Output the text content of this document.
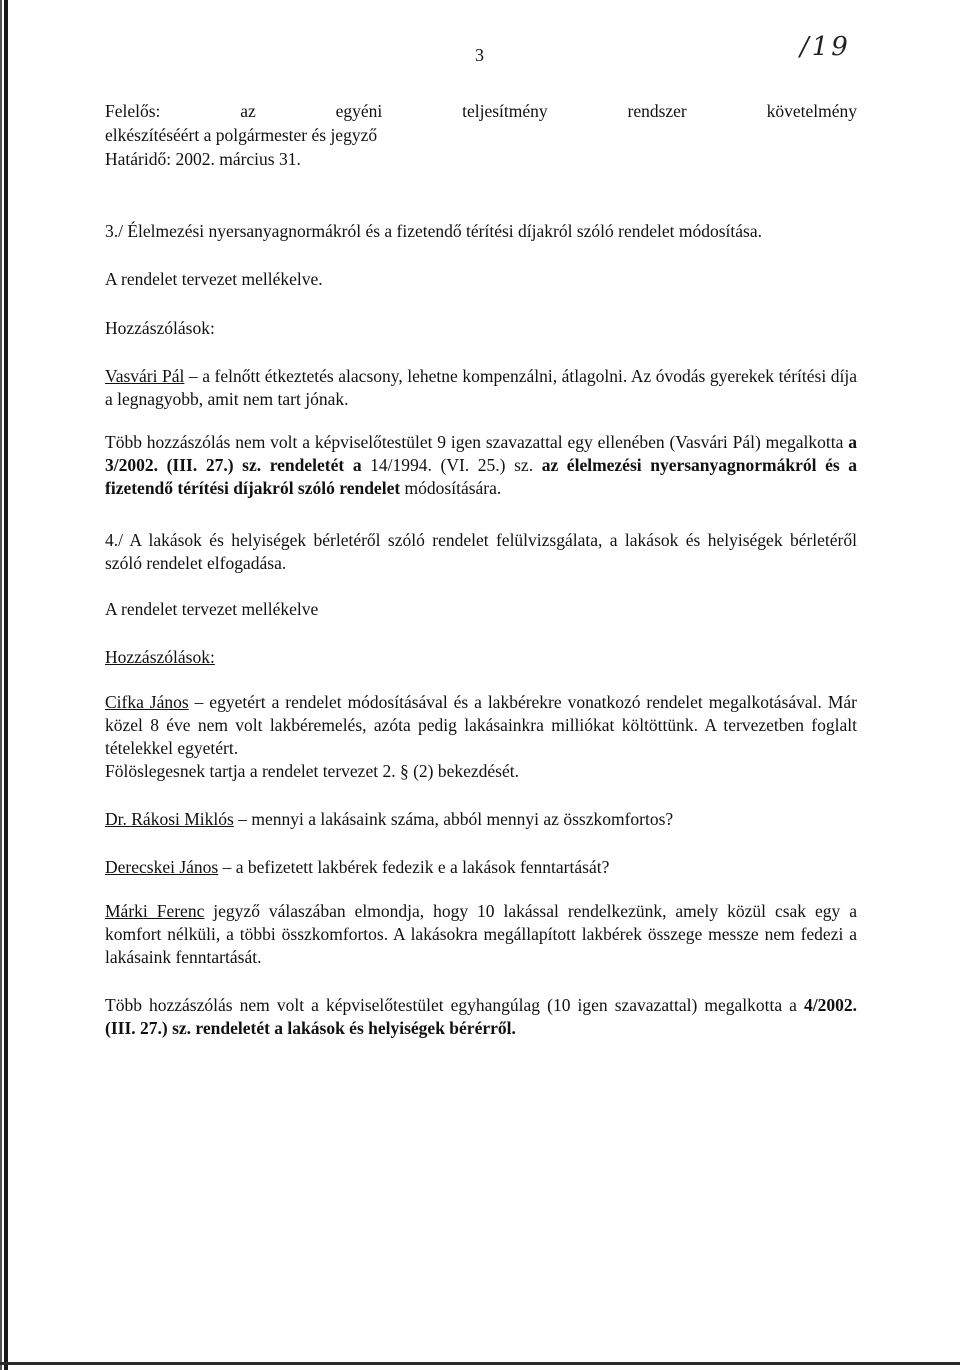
3	/19
Felelős: az egyéni teljesítmény rendszer követelmény
elkészítéséért a polgármester és jegyző
Határidő: 2002. március 31.
3./ Élelmezési nyersanyagnormákról és a fizetendő térítési díjakról szóló rendelet módosítása.
A rendelet tervezet mellékelve.
Hozzászólások:
Vasvári Pál – a felnőtt étkeztetés alacsony, lehetne kompenzálni, átlagolni. Az óvodás gyerekek térítési díja a legnagyobb, amit nem tart jónak.
Több hozzászólás nem volt a képviselőtestület 9 igen szavazattal egy ellenében (Vasvári Pál) megalkotta a 3/2002. (III. 27.) sz. rendeletét a 14/1994. (VI. 25.) sz. az élelmezési nyersanyagnormákról és a fizetendő térítési díjakról szóló rendelet módosítására.
4./ A lakások és helyiségek bérletéről szóló rendelet felülvizsgálata, a lakások és helyiségek bérletéről szóló rendelet elfogadása.
A rendelet tervezet mellékelve
Hozzászólások:
Cifka János – egyetért a rendelet módosításával és a lakbérekre vonatkozó rendelet megalkotásával. Már közel 8 éve nem volt lakbéremelés, azóta pedig lakásainkra milliókat költöttünk. A tervezetben foglalt tételekkel egyetért.
Fölöslegesnek tartja a rendelet tervezet 2. § (2) bekezdését.
Dr. Rákosi Miklós – mennyi a lakásaink száma, abból mennyi az összkomfortos?
Derecskei János – a befizetett lakbérek fedezik e a lakások fenntartását?
Márki Ferenc jegyző válaszában elmondja, hogy 10 lakással rendelkezünk, amely közül csak egy a komfort nélküli, a többi összkomfortos. A lakásokra megállapított lakbérek összege messze nem fedezi a lakásaink fenntartását.
Több hozzászólás nem volt a képviselőtestület egyhangúlag (10 igen szavazattal) megalkotta a 4/2002. (III. 27.) sz. rendeletét a lakások és helyiségek bérérről.
